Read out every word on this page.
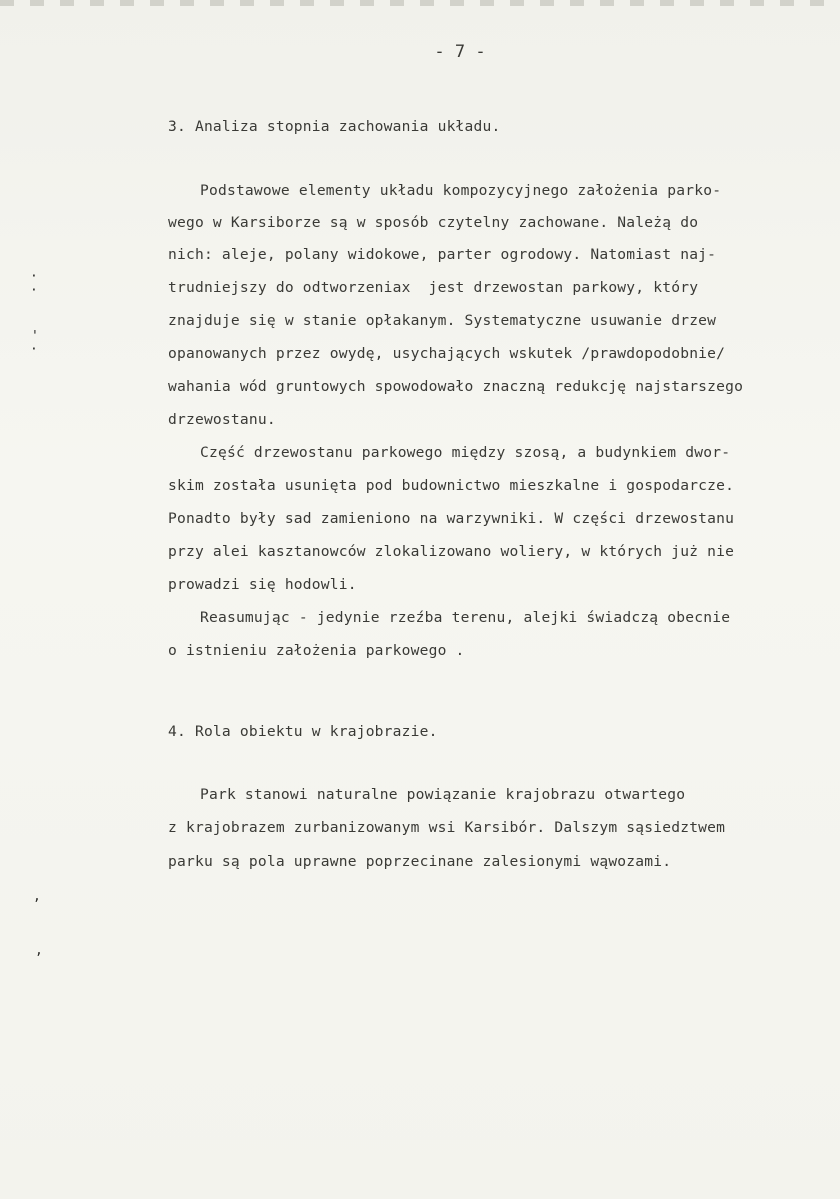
- 7 -
3. Analiza stopnia zachowania układu.
Podstawowe elementy układu kompozycyjnego założenia parko-
wego w Karsiborze są w sposób czytelny zachowane. Należą do
nich: aleje, polany widokowe, parter ogrodowy. Natomiast naj-
trudniejszy do odtworzeniax  jest drzewostan parkowy, który
znajduje się w stanie opłakanym. Systematyczne usuwanie drzew
opanowanych przez owydę, usychających wskutek /prawdopodobnie/
wahania wód gruntowych spowodowało znaczną redukcję najstarszego
drzewostanu.
Część drzewostanu parkowego między szosą, a budynkiem dwor-
skim została usunięta pod budownictwo mieszkalne i gospodarcze.
Ponadto były sad zamieniono na warzywniki. W części drzewostanu
przy alei kasztanowców zlokalizowano woliery, w których już nie
prowadzi się hodowli.
Reasumując - jedynie rzeźba terenu, alejki świadczą obecnie
o istnieniu założenia parkowego .
4. Rola obiektu w krajobrazie.
Park stanowi naturalne powiązanie krajobrazu otwartego
z krajobrazem zurbanizowanym wsi Karsibór. Dalszym sąsiedztwem
parku są pola uprawne poprzecinane zalesionymi wąwozami.
·
·
'
·
,
,
